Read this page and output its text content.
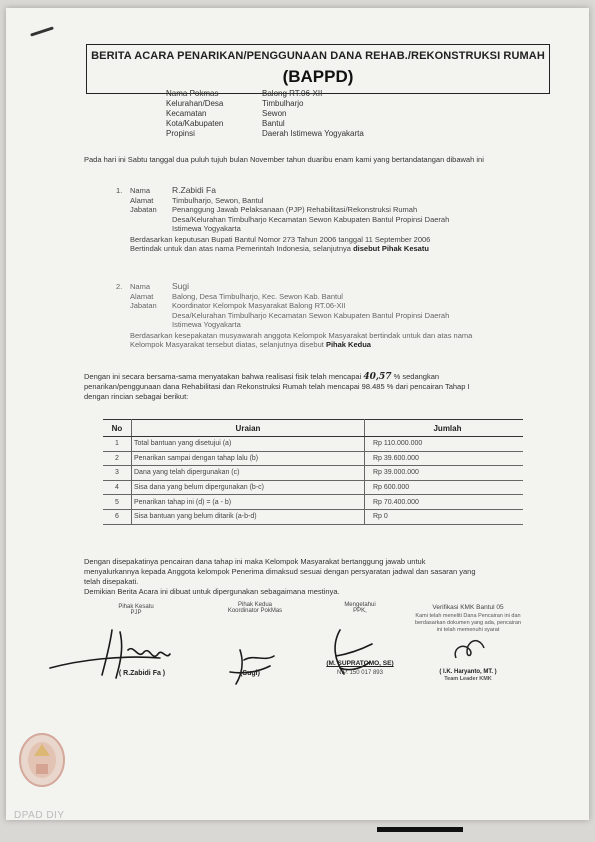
BERITA ACARA PENARIKAN/PENGGUNAAN DANA REHAB./REKONSTRUKSI RUMAH
(BAPPD)
Nama Pokmas	Balong RT.06-XII
Kelurahan/Desa	Timbulharjo
Kecamatan	Sewon
Kota/Kabupaten	Bantul
Propinsi	Daerah Istimewa Yogyakarta
Pada hari ini Sabtu tanggal dua puluh tujuh bulan November tahun duaribu enam kami yang bertandatangan dibawah ini
1.	Nama	R.Zabidi Fa
Alamat	Timbulharjo, Sewon, Bantul
Jabatan	Penanggung Jawab Pelaksanaan (PJP) Rehabilitasi/Rekonstruksi Rumah
Desa/Kelurahan Timbulharjo Kecamatan Sewon Kabupaten Bantul Propinsi Daerah
Istimewa Yogyakarta
Berdasarkan keputusan Bupati Bantul Nomor 273 Tahun 2006 tanggal 11 September 2006
Bertindak untuk dan atas nama Pemerintah Indonesia, selanjutnya disebut Pihak Kesatu
2.	Nama	Sugi
Alamat	Balong, Desa Timbulharjo, Kec. Sewon Kab. Bantul
Jabatan	Koordinator Kelompok Masyarakat Balong RT.06-XII
Desa/Kelurahan Timbulharjo Kecamatan Sewon Kabupaten Bantul Propinsi Daerah
Istimewa Yogyakarta
Berdasarkan kesepakatan musyawarah anggota Kelompok Masyarakat bertindak untuk dan atas nama
Kelompok Masyarakat tersebut diatas, selanjutnya disebut Pihak Kedua
Dengan ini secara bersama-sama menyatakan bahwa realisasi fisik telah mencapai 40,57 % sedangkan
penarikan/penggunaan dana Rehabilitasi dan Rekonstruksi Rumah telah mencapai 98.485 % dari pencairan Tahap I
dengan rincian sebagai berikut:
No	Uraian	Jumlah
1	Total bantuan yang disetujui (a)	Rp 110.000.000
2	Penarikan sampai dengan tahap lalu (b)	Rp 39.600.000
3	Dana yang telah dipergunakan (c)	Rp 39.000.000
4	Sisa dana yang belum dipergunakan (b-c)	Rp 600.000
5	Penarikan tahap ini (d) = (a - b)	Rp 70.400.000
6	Sisa bantuan yang belum ditarik (a-b-d)	Rp 0
Dengan disepakatinya pencairan dana tahap ini maka Kelompok Masyarakat bertanggung jawab untuk
menyalurkannya kepada Anggota kelompok Penerima dimaksud sesuai dengan persyaratan jadwal dan sasaran yang
telah disepakati.
Demikian Berita Acara ini dibuat untuk dipergunakan sebagaimana mestinya.
Pihak Kesatu
PJP
Pihak Kedua
Koordinator PokMas
Mengetahui
PPK,
( R.Zabidi Fa )	(Sugi)
(M. SUPRATOMO, SE)
NIP. 150 017 893
Verifikasi KMK Bantul 05
Kami telah meneliti Dana Pencairan ini dan berdasarkan dokumen yang ada, pencairan ini telah memenuhi syarat
( I.K. Haryanto, MT. )
Team Leader KMK
DPAD DIY
